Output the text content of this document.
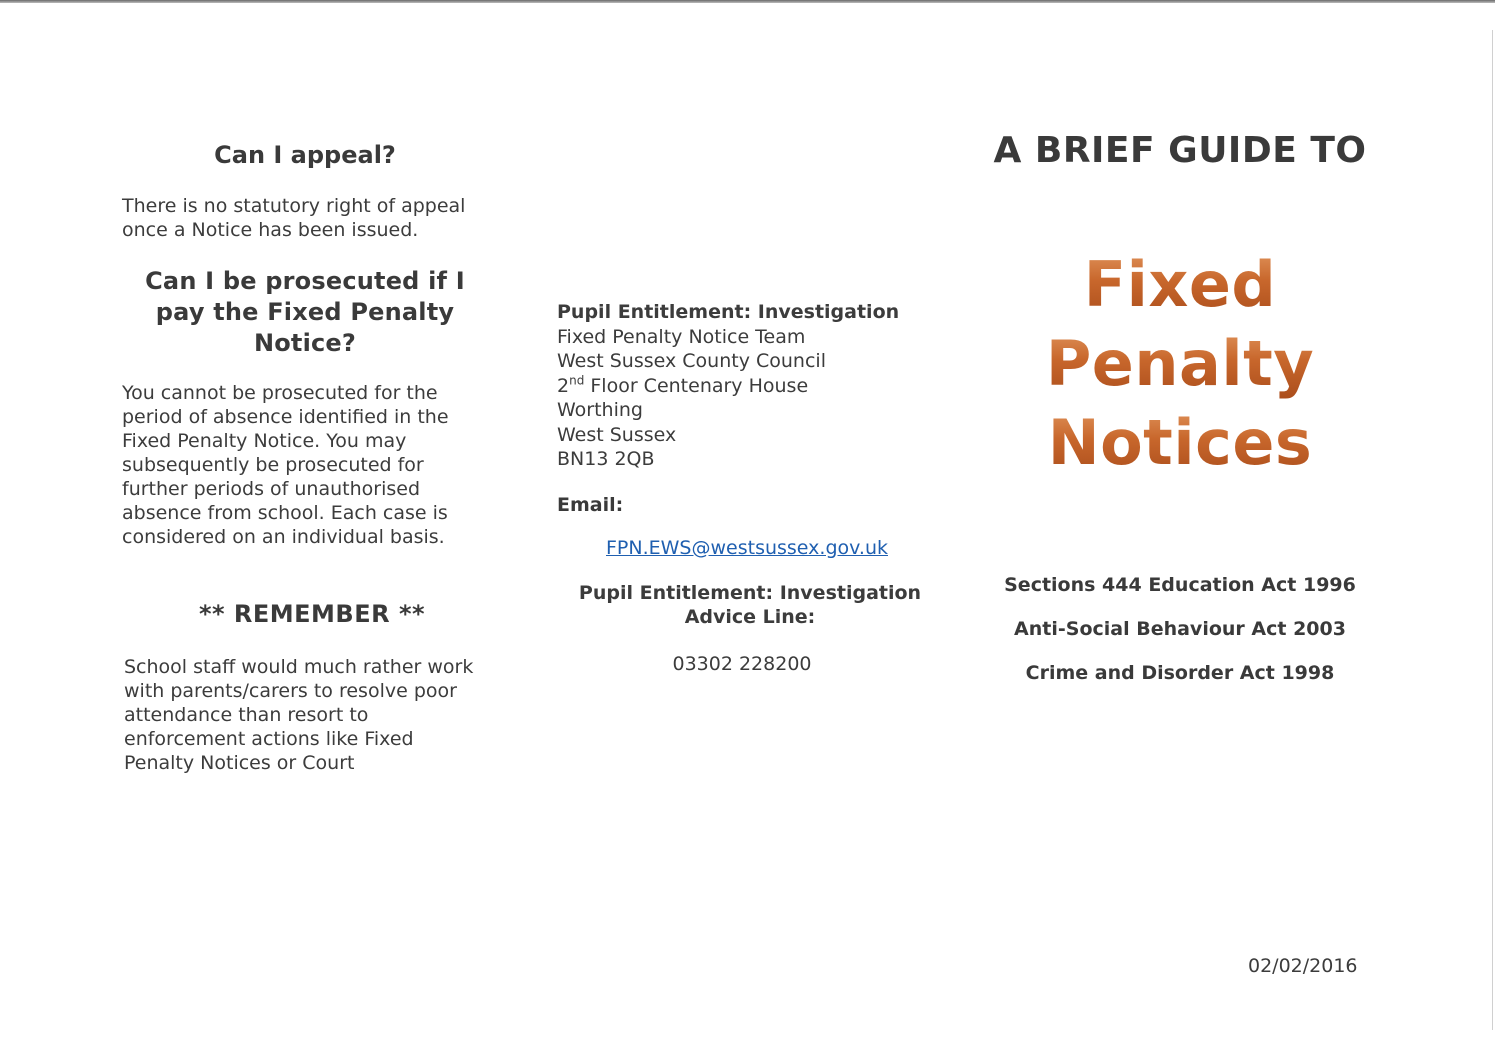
Can I appeal?

There is no statutory right of appeal

once a Notice has been issued.

Can I be prosecuted if I

pay the Fixed Penalty

Notice?

You cannot be prosecuted for the

period of absence identified in the

Fixed Penalty Notice. You may

subsequently be prosecuted for

further periods of unauthorised

absence from school. Each case is

considered on an individual basis.

** REMEMBER **

School staff would much rather work

with parents/carers to resolve poor

attendance than resort to

enforcement actions like Fixed

Penalty Notices or Court

Pupil Entitlement: Investigation

Fixed Penalty Notice Team

West Sussex County Council

2nd Floor Centenary House

Worthing

West Sussex

BN13 2QB

Email:

FPN.EWS@westsussex.gov.uk

Pupil Entitlement: Investigation

Advice Line:

03302 228200

A BRIEF GUIDE TO

Fixed

Penalty

Notices

Sections 444 Education Act 1996

Anti-Social Behaviour Act 2003

Crime and Disorder Act 1998

02/02/2016
